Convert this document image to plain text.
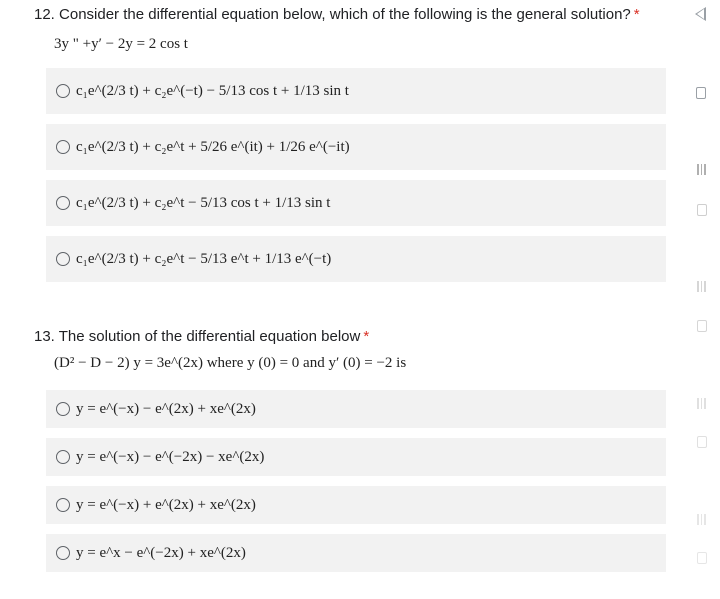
12. Consider the differential equation below, which of the following is the general solution? *
3y " +y′ − 2y = 2 cos t
c₁e^(2/3 t) + c₂e^(−t) − 5/13 cos t + 1/13 sin t
c₁e^(2/3 t) + c₂e^t + 5/26 e^(it) + 1/26 e^(−it)
c₁e^(2/3 t) + c₂e^t − 5/13 cos t + 1/13 sin t
c₁e^(2/3 t) + c₂e^t − 5/13 e^t + 1/13 e^(−t)
13. The solution of the differential equation below *
(D² − D − 2) y = 3e^(2x) where y (0) = 0 and y′ (0) = −2 is
y = e^(−x) − e^(2x) + xe^(2x)
y = e^(−x) − e^(−2x) − xe^(2x)
y = e^(−x) + e^(2x) + xe^(2x)
y = e^x − e^(−2x) + xe^(2x)
